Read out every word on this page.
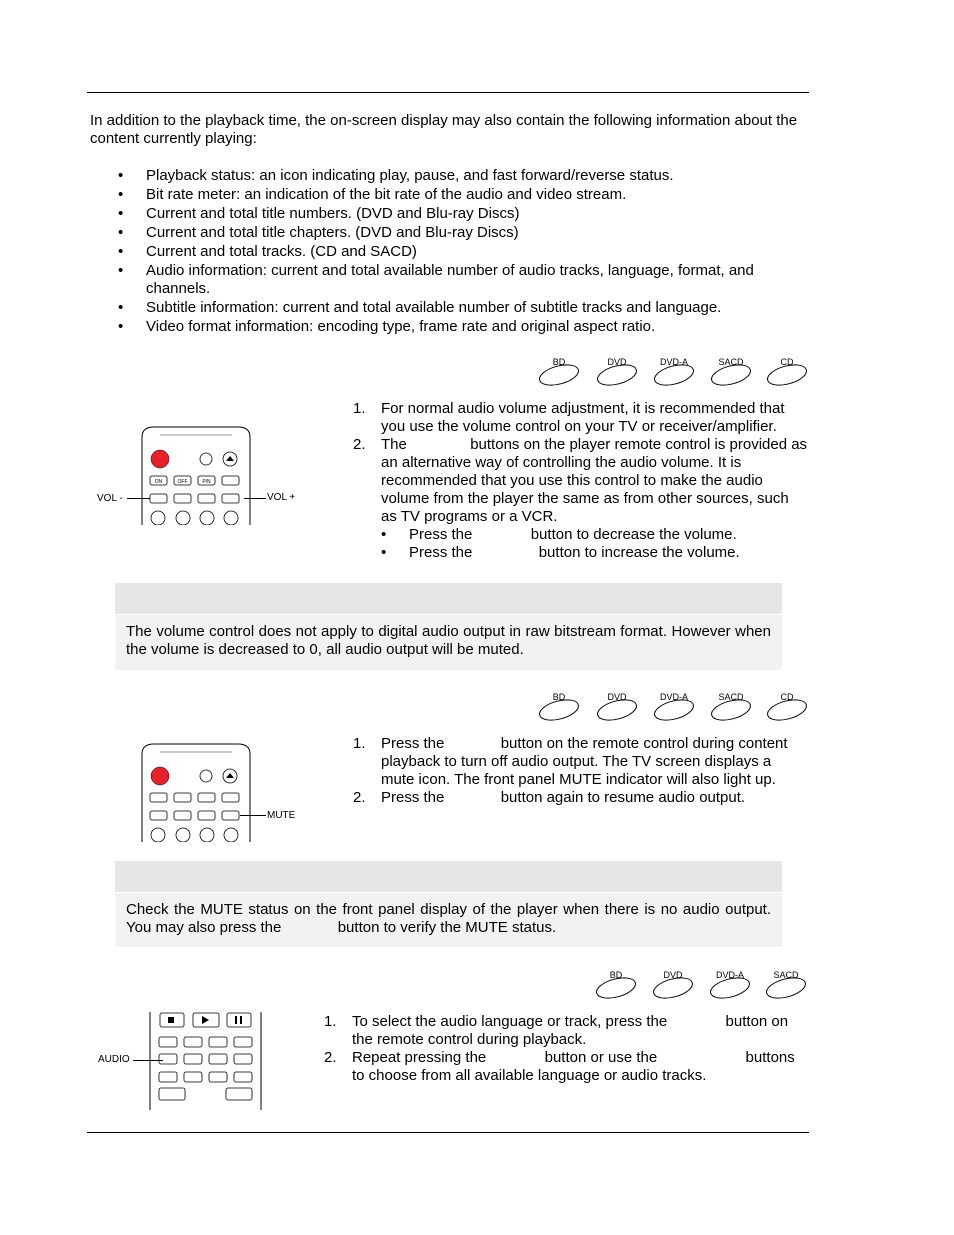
In addition to the playback time, the on-screen display may also contain the following information about the content currently playing:
• Playback status: an icon indicating play, pause, and fast forward/reverse status.
• Bit rate meter: an indication of the bit rate of the audio and video stream.
• Current and total title numbers. (DVD and Blu-ray Discs)
• Current and total title chapters. (DVD and Blu-ray Discs)
• Current and total tracks. (CD and SACD)
• Audio information: current and total available number of audio tracks, language, format, and channels.
• Subtitle information: current and total available number of subtitle tracks and language.
• Video format information: encoding type, frame rate and original aspect ratio.
BD	DVD	DVD-A	SACD	CD
ON	OFF	P/N
VOL -	VOL +
1. For normal audio volume adjustment, it is recommended that you use the volume control on your TV or receiver/amplifier.
2. The	buttons on the player remote control is provided as an alternative way of controlling the audio volume. It is recommended that you use this control to make the audio volume from the player the same as from other sources, such as TV programs or a VCR.
• Press the	button to decrease the volume.
• Press the	button to increase the volume.
The volume control does not apply to digital audio output in raw bitstream format. However when the volume is decreased to 0, all audio output will be muted.
BD	DVD	DVD-A	SACD	CD
MUTE
1. Press the	button on the remote control during content playback to turn off audio output. The TV screen displays a mute icon. The front panel MUTE indicator will also light up.
2. Press the	button again to resume audio output.
Check the MUTE status on the front panel display of the player when there is no audio output. You may also press the	button to verify the MUTE status.
BD	DVD	DVD-A	SACD
AUDIO
1. To select the audio language or track, press the	button on the remote control during playback.
2. Repeat pressing the	button or use the	buttons to choose from all available language or audio tracks.
